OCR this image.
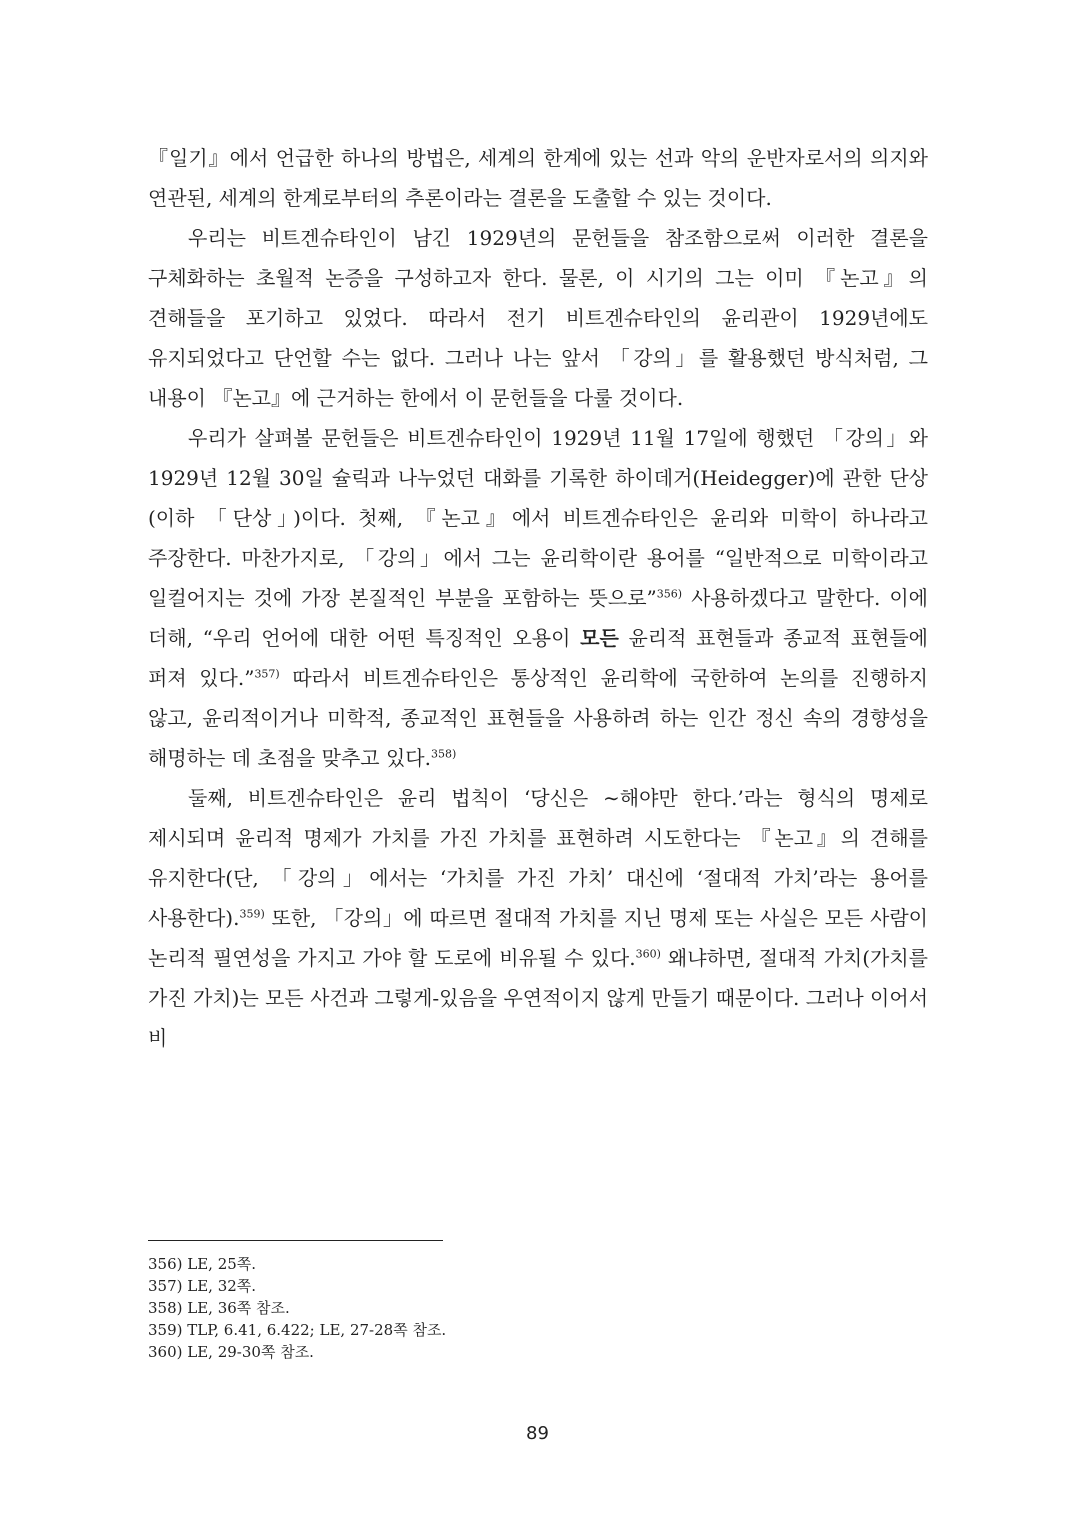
『일기』에서 언급한 하나의 방법은, 세계의 한계에 있는 선과 악의 운반자로서의 의지와 연관된, 세계의 한계로부터의 추론이라는 결론을 도출할 수 있는 것이다.

우리는 비트겐슈타인이 남긴 1929년의 문헌들을 참조함으로써 이러한 결론을 구체화하는 초월적 논증을 구성하고자 한다. 물론, 이 시기의 그는 이미 『논고』의 견해들을 포기하고 있었다. 따라서 전기 비트겐슈타인의 윤리관이 1929년에도 유지되었다고 단언할 수는 없다. 그러나 나는 앞서 「강의」를 활용했던 방식처럼, 그 내용이 『논고』에 근거하는 한에서 이 문헌들을 다룰 것이다.

우리가 살펴볼 문헌들은 비트겐슈타인이 1929년 11월 17일에 행했던 「강의」와 1929년 12월 30일 슐릭과 나누었던 대화를 기록한 하이데거(Heidegger)에 관한 단상(이하 「단상」)이다. 첫째, 『논고』에서 비트겐슈타인은 윤리와 미학이 하나라고 주장한다. 마찬가지로, 「강의」에서 그는 윤리학이란 용어를 “일반적으로 미학이라고 일컬어지는 것에 가장 본질적인 부분을 포함하는 뜻으로”$^{356)}$ 사용하겠다고 말한다. 이에 더해, “우리 언어에 대한 어떤 특징적인 오용이 모든 윤리적 표현들과 종교적 표현들에 퍼져 있다.”$^{357)}$ 따라서 비트겐슈타인은 통상적인 윤리학에 국한하여 논의를 진행하지 않고, 윤리적이거나 미학적, 종교적인 표현들을 사용하려 하는 인간 정신 속의 경향성을 해명하는 데 초점을 맞추고 있다.$^{358)}$

둘째, 비트겐슈타인은 윤리 법칙이 ‘당신은 ∼해야만 한다.’라는 형식의 명제로 제시되며 윤리적 명제가 가치를 가진 가치를 표현하려 시도한다는 『논고』의 견해를 유지한다(단, 「강의」에서는 ‘가치를 가진 가치’ 대신에 ‘절대적 가치’라는 용어를 사용한다).$^{359)}$ 또한, 「강의」에 따르면 절대적 가치를 지닌 명제 또는 사실은 모든 사람이 논리적 필연성을 가지고 가야 할 도로에 비유될 수 있다.$^{360)}$ 왜냐하면, 절대적 가치(가치를 가진 가치)는 모든 사건과 그렇게-있음을 우연적이지 않게 만들기 때문이다. 그러나 이어서 비

356) LE, 25쪽.

357) LE, 32쪽.

358) LE, 36쪽 참조.

359) TLP, 6.41, 6.422; LE, 27-28쪽 참조.

360) LE, 29-30쪽 참조.

89
